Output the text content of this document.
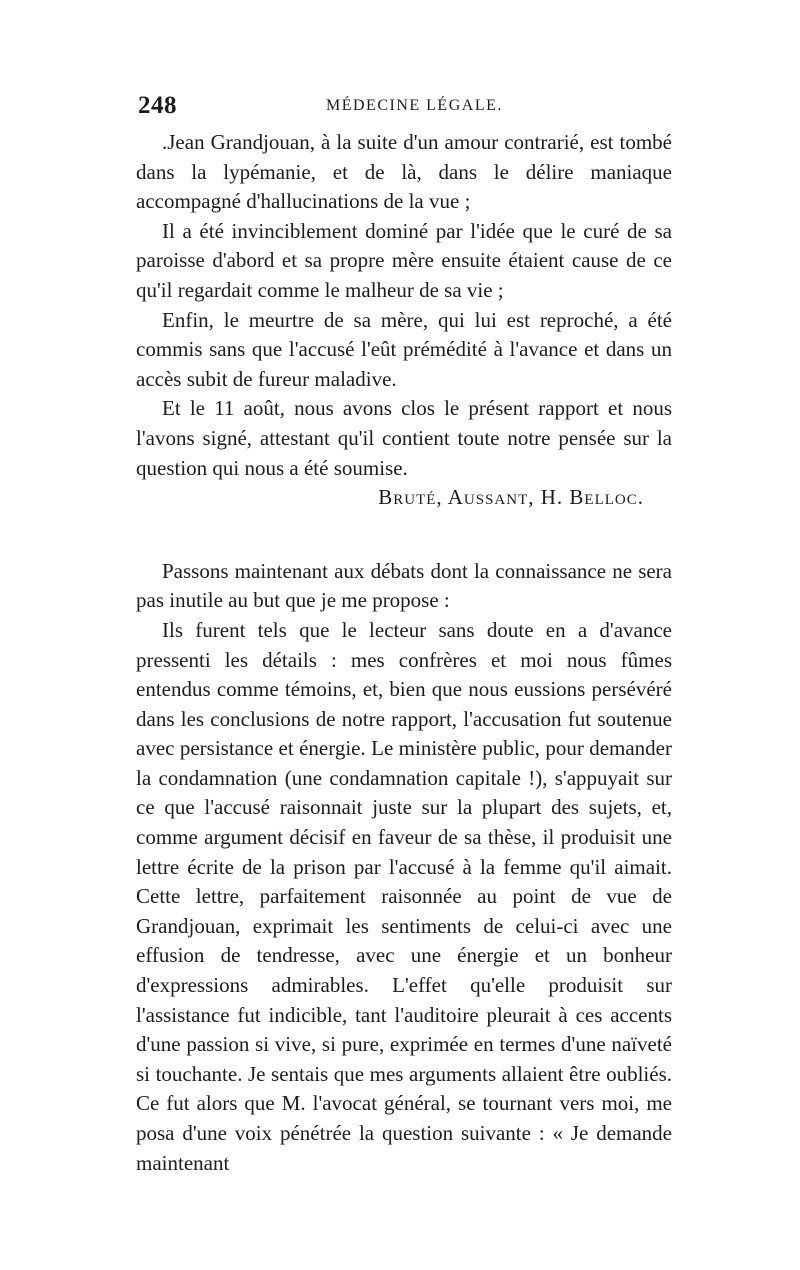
248	MÉDECINE LÉGALE.

.Jean Grandjouan, à la suite d'un amour contrarié, est tombé dans la lypémanie, et de là, dans le délire maniaque accompagné d'hallucinations de la vue ;

Il a été invinciblement dominé par l'idée que le curé de sa paroisse d'abord et sa propre mère ensuite étaient cause de ce qu'il regardait comme le malheur de sa vie ;

Enfin, le meurtre de sa mère, qui lui est reproché, a été commis sans que l'accusé l'eût prémédité à l'avance et dans un accès subit de fureur maladive.

Et le 11 août, nous avons clos le présent rapport et nous l'avons signé, attestant qu'il contient toute notre pensée sur la question qui nous a été soumise.

Bruté, Aussant, H. Belloc.

Passons maintenant aux débats dont la connaissance ne sera pas inutile au but que je me propose :

Ils furent tels que le lecteur sans doute en a d'avance pressenti les détails : mes confrères et moi nous fûmes entendus comme témoins, et, bien que nous eussions persévéré dans les conclusions de notre rapport, l'accusation fut soutenue avec persistance et énergie. Le ministère public, pour demander la condamnation (une condamnation capitale !), s'appuyait sur ce que l'accusé raisonnait juste sur la plupart des sujets, et, comme argument décisif en faveur de sa thèse, il produisit une lettre écrite de la prison par l'accusé à la femme qu'il aimait. Cette lettre, parfaitement raisonnée au point de vue de Grandjouan, exprimait les sentiments de celui-ci avec une effusion de tendresse, avec une énergie et un bonheur d'expressions admirables. L'effet qu'elle produisit sur l'assistance fut indicible, tant l'auditoire pleurait à ces accents d'une passion si vive, si pure, exprimée en termes d'une naïveté si touchante. Je sentais que mes arguments allaient être oubliés. Ce fut alors que M. l'avocat général, se tournant vers moi, me posa d'une voix pénétrée la question suivante : « Je demande maintenant
